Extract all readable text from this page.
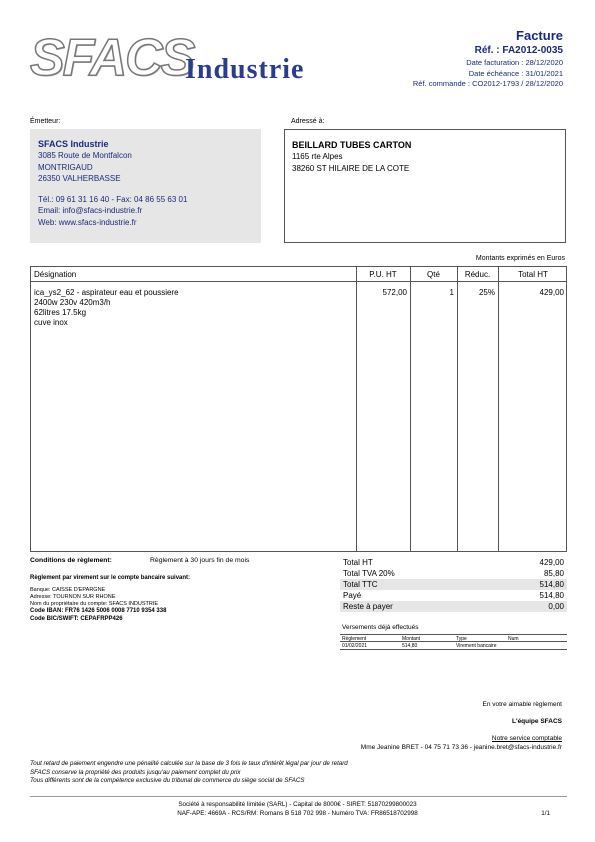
SFACS
Industrie
Facture
Réf. : FA2012-0035
Date facturation : 28/12/2020
Date échéance : 31/01/2021
Réf. commande : CO2012-1793 / 28/12/2020
Émetteur:
SFACS Industrie
3085 Route de Montfalcon
MONTRIGAUD
26350 VALHERBASSE
Tél.: 09 61 31 16 40 - Fax: 04 86 55 63 01
Email: info@sfacs-industrie.fr
Web: www.sfacs-industrie.fr
Adressé à:
BEILLARD TUBES CARTON
1165 rte Alpes
38260 ST HILAIRE DE LA COTE
Montants exprimés en Euros
Désignation	P.U. HT	Qté	Réduc.	Total HT
ica_ys2_62 - aspirateur eau et poussiere
2400w 230v 420m3/h
62litres 17.5kg
cuve inox
572,00	1	25%	429,00
Conditions de règlement:	Règlement à 30 jours fin de mois
Règlement par virement sur le compte bancaire suivant:
Banque: CAISSE D'EPARGNE
Adresse: TOURNON SUR RHONE
Nom du propriétaire du compte: SFACS INDUSTRIE
Code IBAN: FR76 1426 5006 0008 7710 9354 338
Code BIC/SWIFT: CEPAFRPP426
Total HT	429,00
Total TVA 20%	85,80
Total TTC	514,80
Payé	514,80
Reste à payer	0,00
Versements déjà effectués
Règlement	Montant	Type	Num
01/02/2021	514,80	Virement bancaire
En votre aimable règlement
L'équipe SFACS
Notre service comptable
Mme Jeanine BRET - 04 75 71 73 36 - jeanine.bret@sfacs-industrie.fr
Tout retard de paiement engendre une pénalité calculée sur la base de 3 fois le taux d'intérêt légal par jour de retard
SFACS conserve la propriété des produits jusqu'au paiement complet du prix
Tous différents sont de la compétence exclusive du tribunal de commerce du siège social de SFACS
Société à responsabilité limitée (SARL) - Capital de 8000€ - SIRET: 51870299800023
NAF-APE: 4669A - RCS/RM: Romans B 518 702 998 - Numéro TVA: FR86518702998	1/1
